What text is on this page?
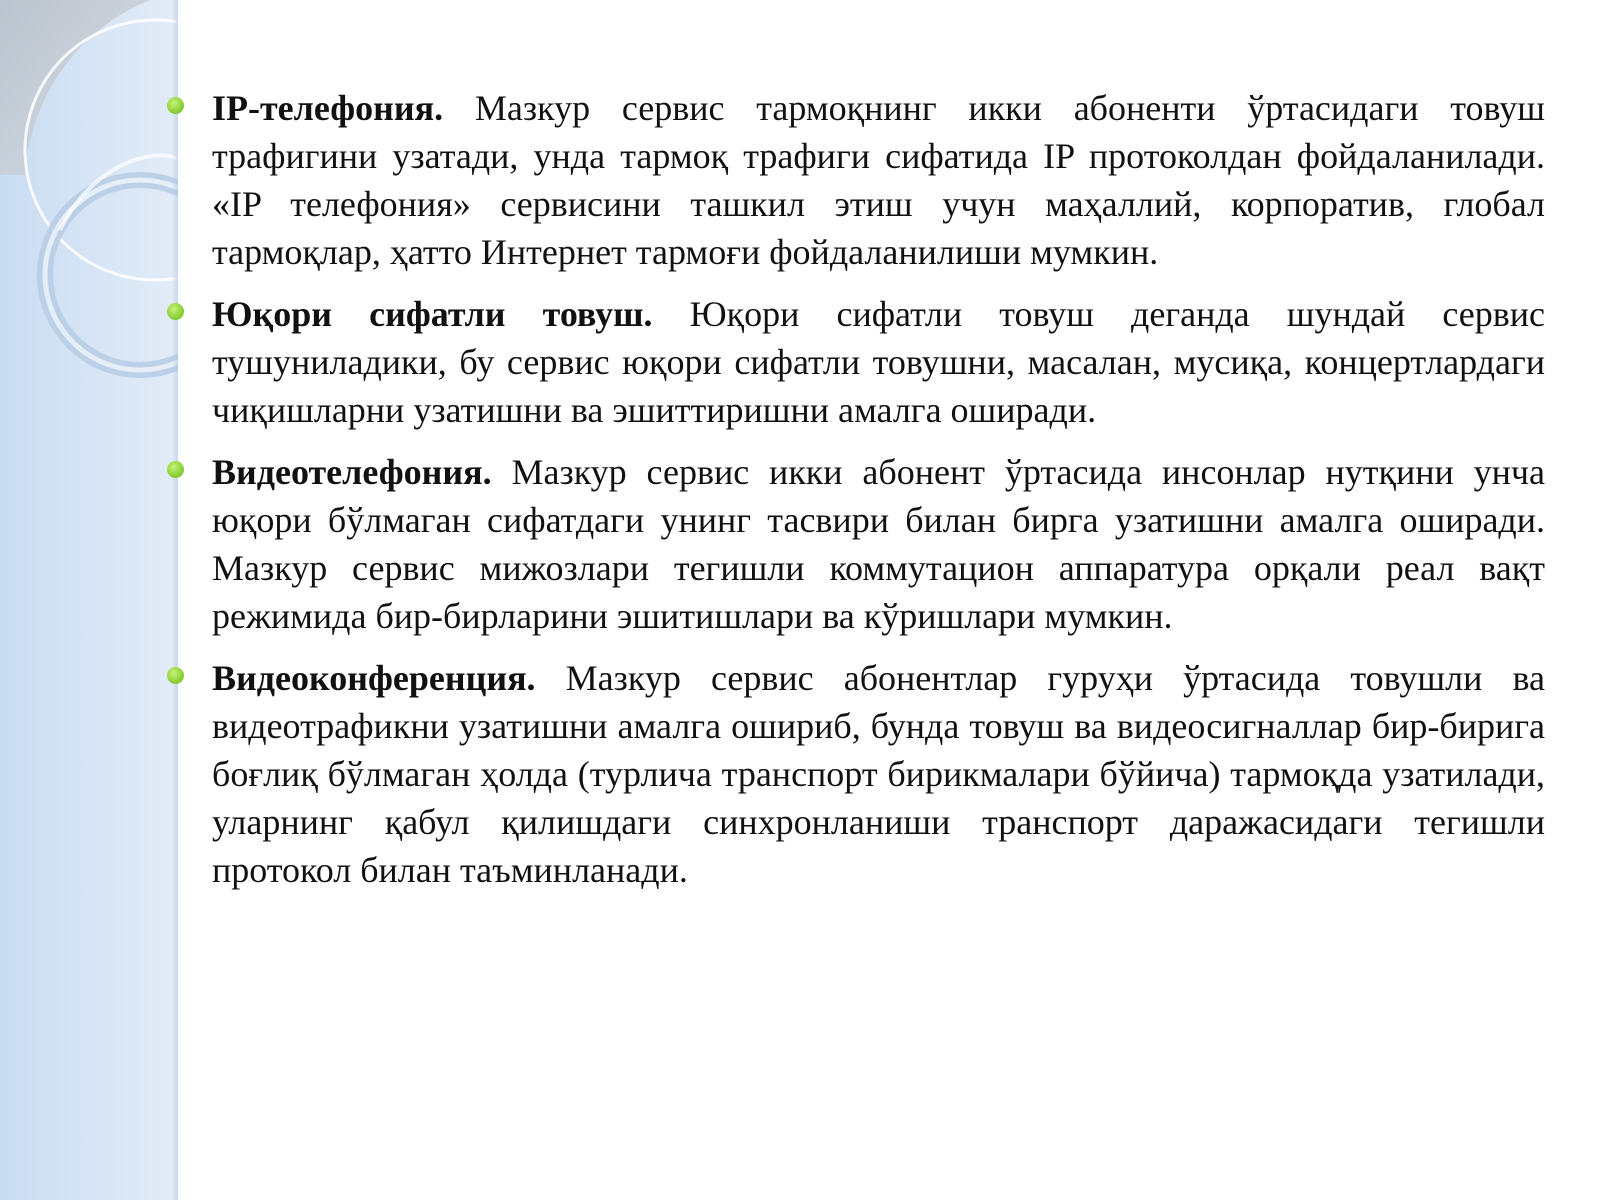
IP-телефония. Мазкур сервис тармоқнинг икки абоненти ўртасидаги товуш трафигини узатади, унда тармоқ трафиги сифатида IP протоколдан фойдаланилади. «IP телефония» сервисини ташкил этиш учун маҳаллий, корпоратив, глобал тармоқлар, ҳатто Интернет тармоғи фойдаланилиши мумкин.

Юқори сифатли товуш. Юқори сифатли товуш деганда шундай сервис тушуниладики, бу сервис юқори сифатли товушни, масалан, мусиқа, концертлардаги чиқишларни узатишни ва эшиттиришни амалга оширади.

Видеотелефония. Мазкур сервис икки абонент ўртасида инсонлар нутқини унча юқори бўлмаган сифатдаги унинг тасвири билан бирга узатишни амалга оширади. Мазкур сервис мижозлари тегишли коммутацион аппаратура орқали реал вақт режимида бир-бирларини эшитишлари ва кўришлари мумкин.

Видеоконференция. Мазкур сервис абонентлар гуруҳи ўртасида товушли ва видеотрафикни узатишни амалга ошириб, бунда товуш ва видеосигналлар бир-бирига боғлиқ бўлмаган ҳолда (турлича транспорт бирикмалари бўйича) тармоқда узатилади, уларнинг қабул қилишдаги синхронланиши транспорт даражасидаги тегишли протокол билан таъминланади.
